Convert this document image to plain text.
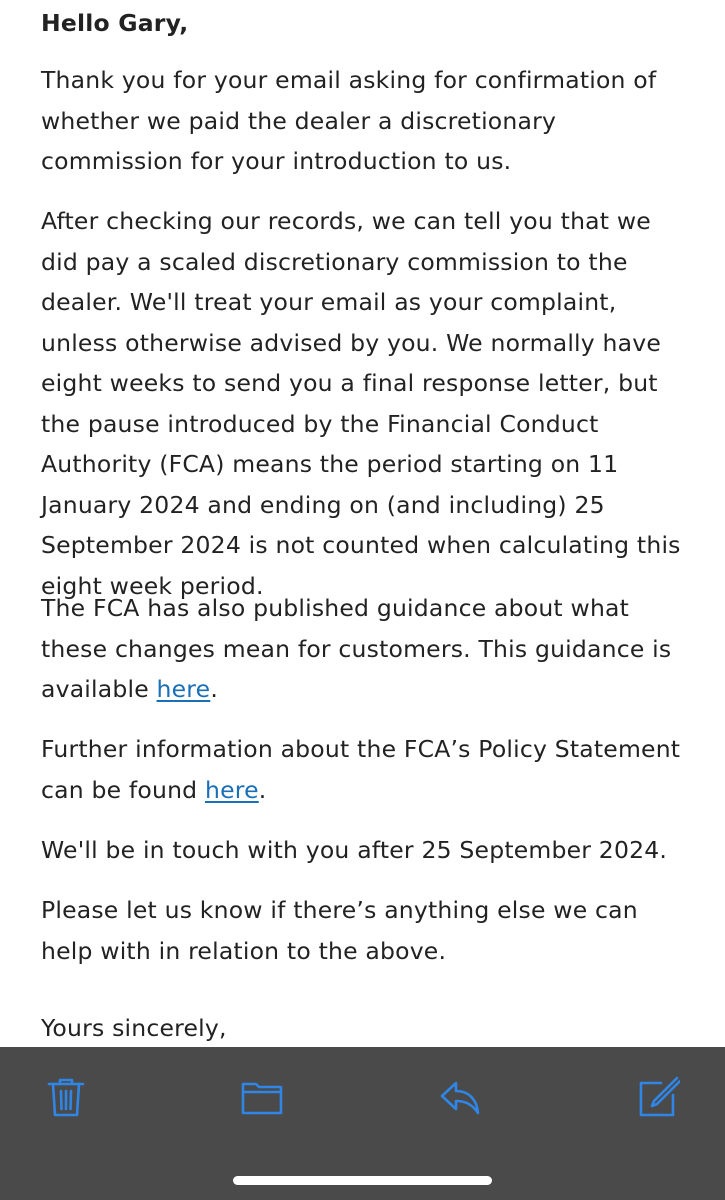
Hello Gary,

Thank you for your email asking for confirmation of whether we paid the dealer a discretionary commission for your introduction to us.

After checking our records, we can tell you that we did pay a scaled discretionary commission to the dealer. We'll treat your email as your complaint, unless otherwise advised by you. We normally have eight weeks to send you a final response letter, but the pause introduced by the Financial Conduct Authority (FCA) means the period starting on 11 January 2024 and ending on (and including) 25 September 2024 is not counted when calculating this eight week period.

The FCA has also published guidance about what these changes mean for customers. This guidance is available here.

Further information about the FCA’s Policy Statement can be found here.

We'll be in touch with you after 25 September 2024.

Please let us know if there’s anything else we can help with in relation to the above.

Yours sincerely,
